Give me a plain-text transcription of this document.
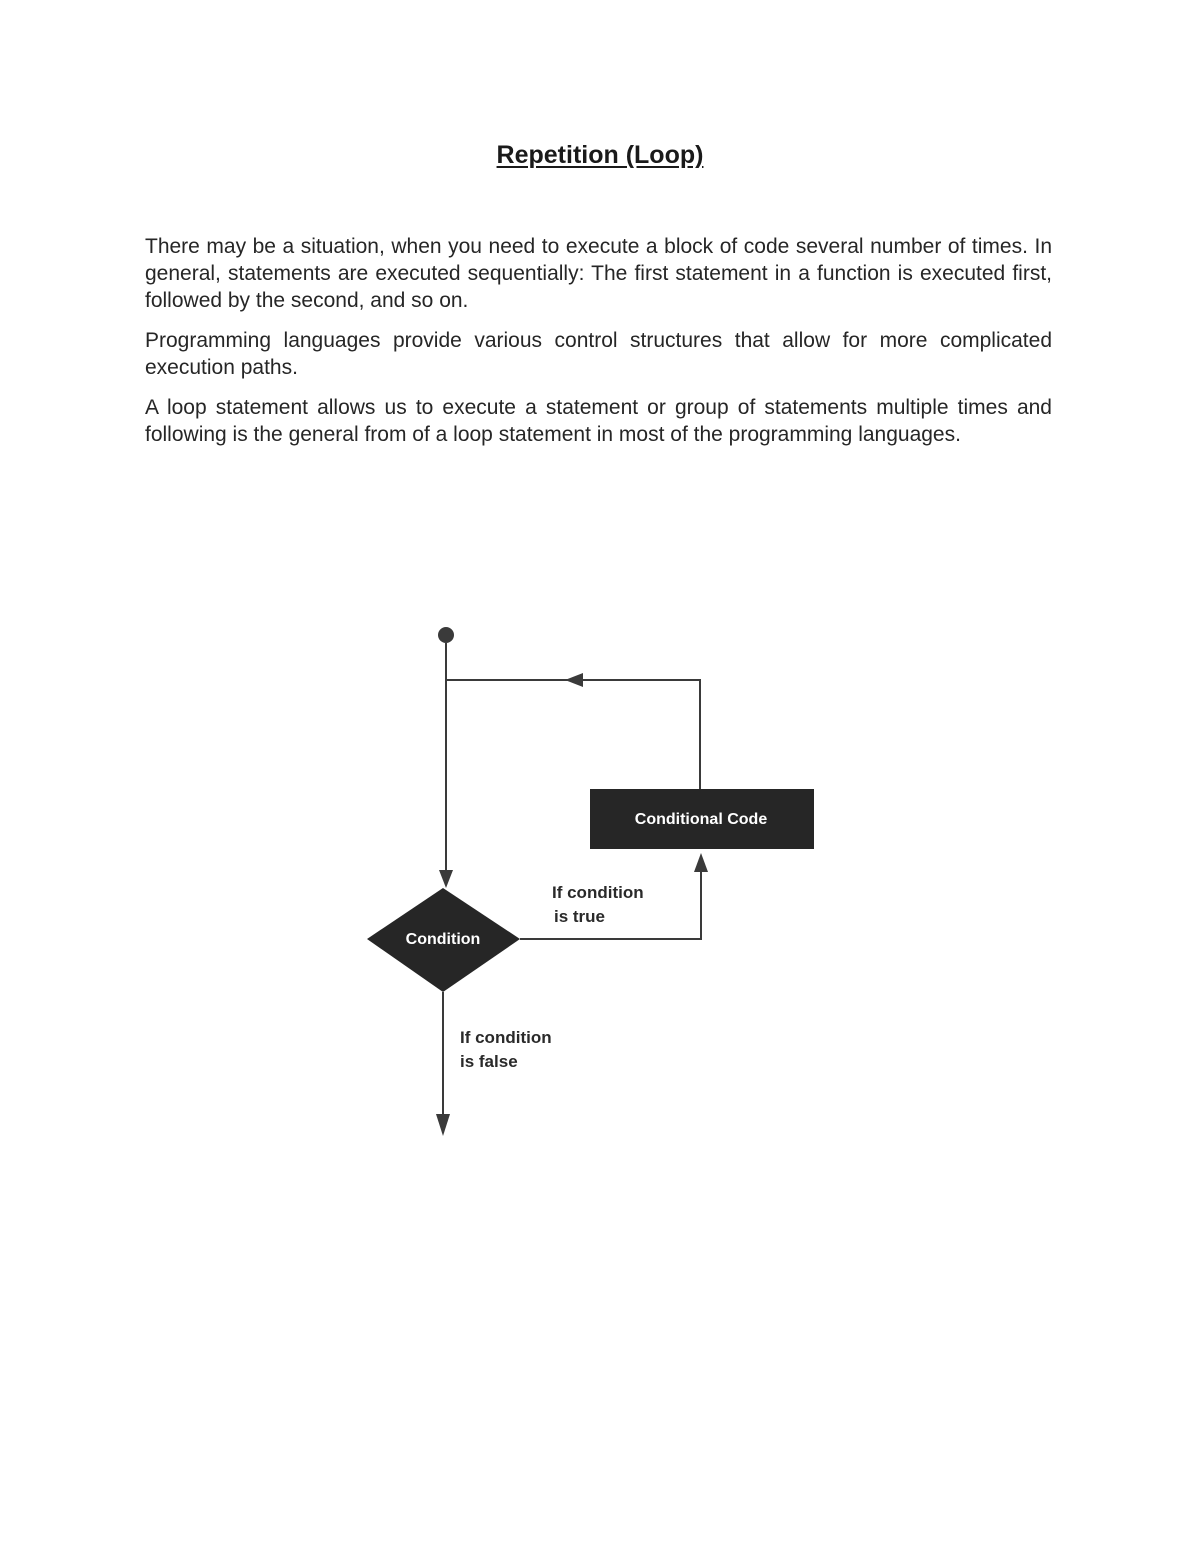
Repetition (Loop)

There may be a situation, when you need to execute a block of code several number of times. In general, statements are executed sequentially: The first statement in a function is executed first, followed by the second, and so on.

Programming languages provide various control structures that allow for more complicated execution paths.

A loop statement allows us to execute a statement or group of statements multiple times and following is the general from of a loop statement in most of the programming languages.

Condition
If condition
is true
Conditional Code
If condition
is false
